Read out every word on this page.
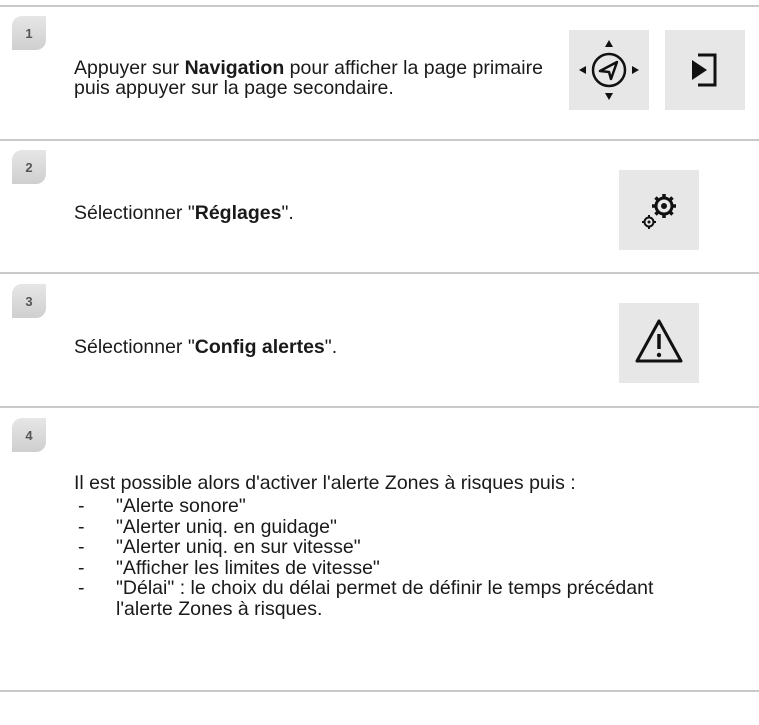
1
Appuyer sur Navigation pour afficher la page primaire puis appuyer sur la page secondaire.
2
Sélectionner "Réglages".
3
Sélectionner "Config alertes".
4
Il est possible alors d'activer l'alerte Zones à risques puis :
- "Alerte sonore"
- "Alerter uniq. en guidage"
- "Alerter uniq. en sur vitesse"
- "Afficher les limites de vitesse"
- "Délai" : le choix du délai permet de définir le temps précédant l'alerte Zones à risques.
